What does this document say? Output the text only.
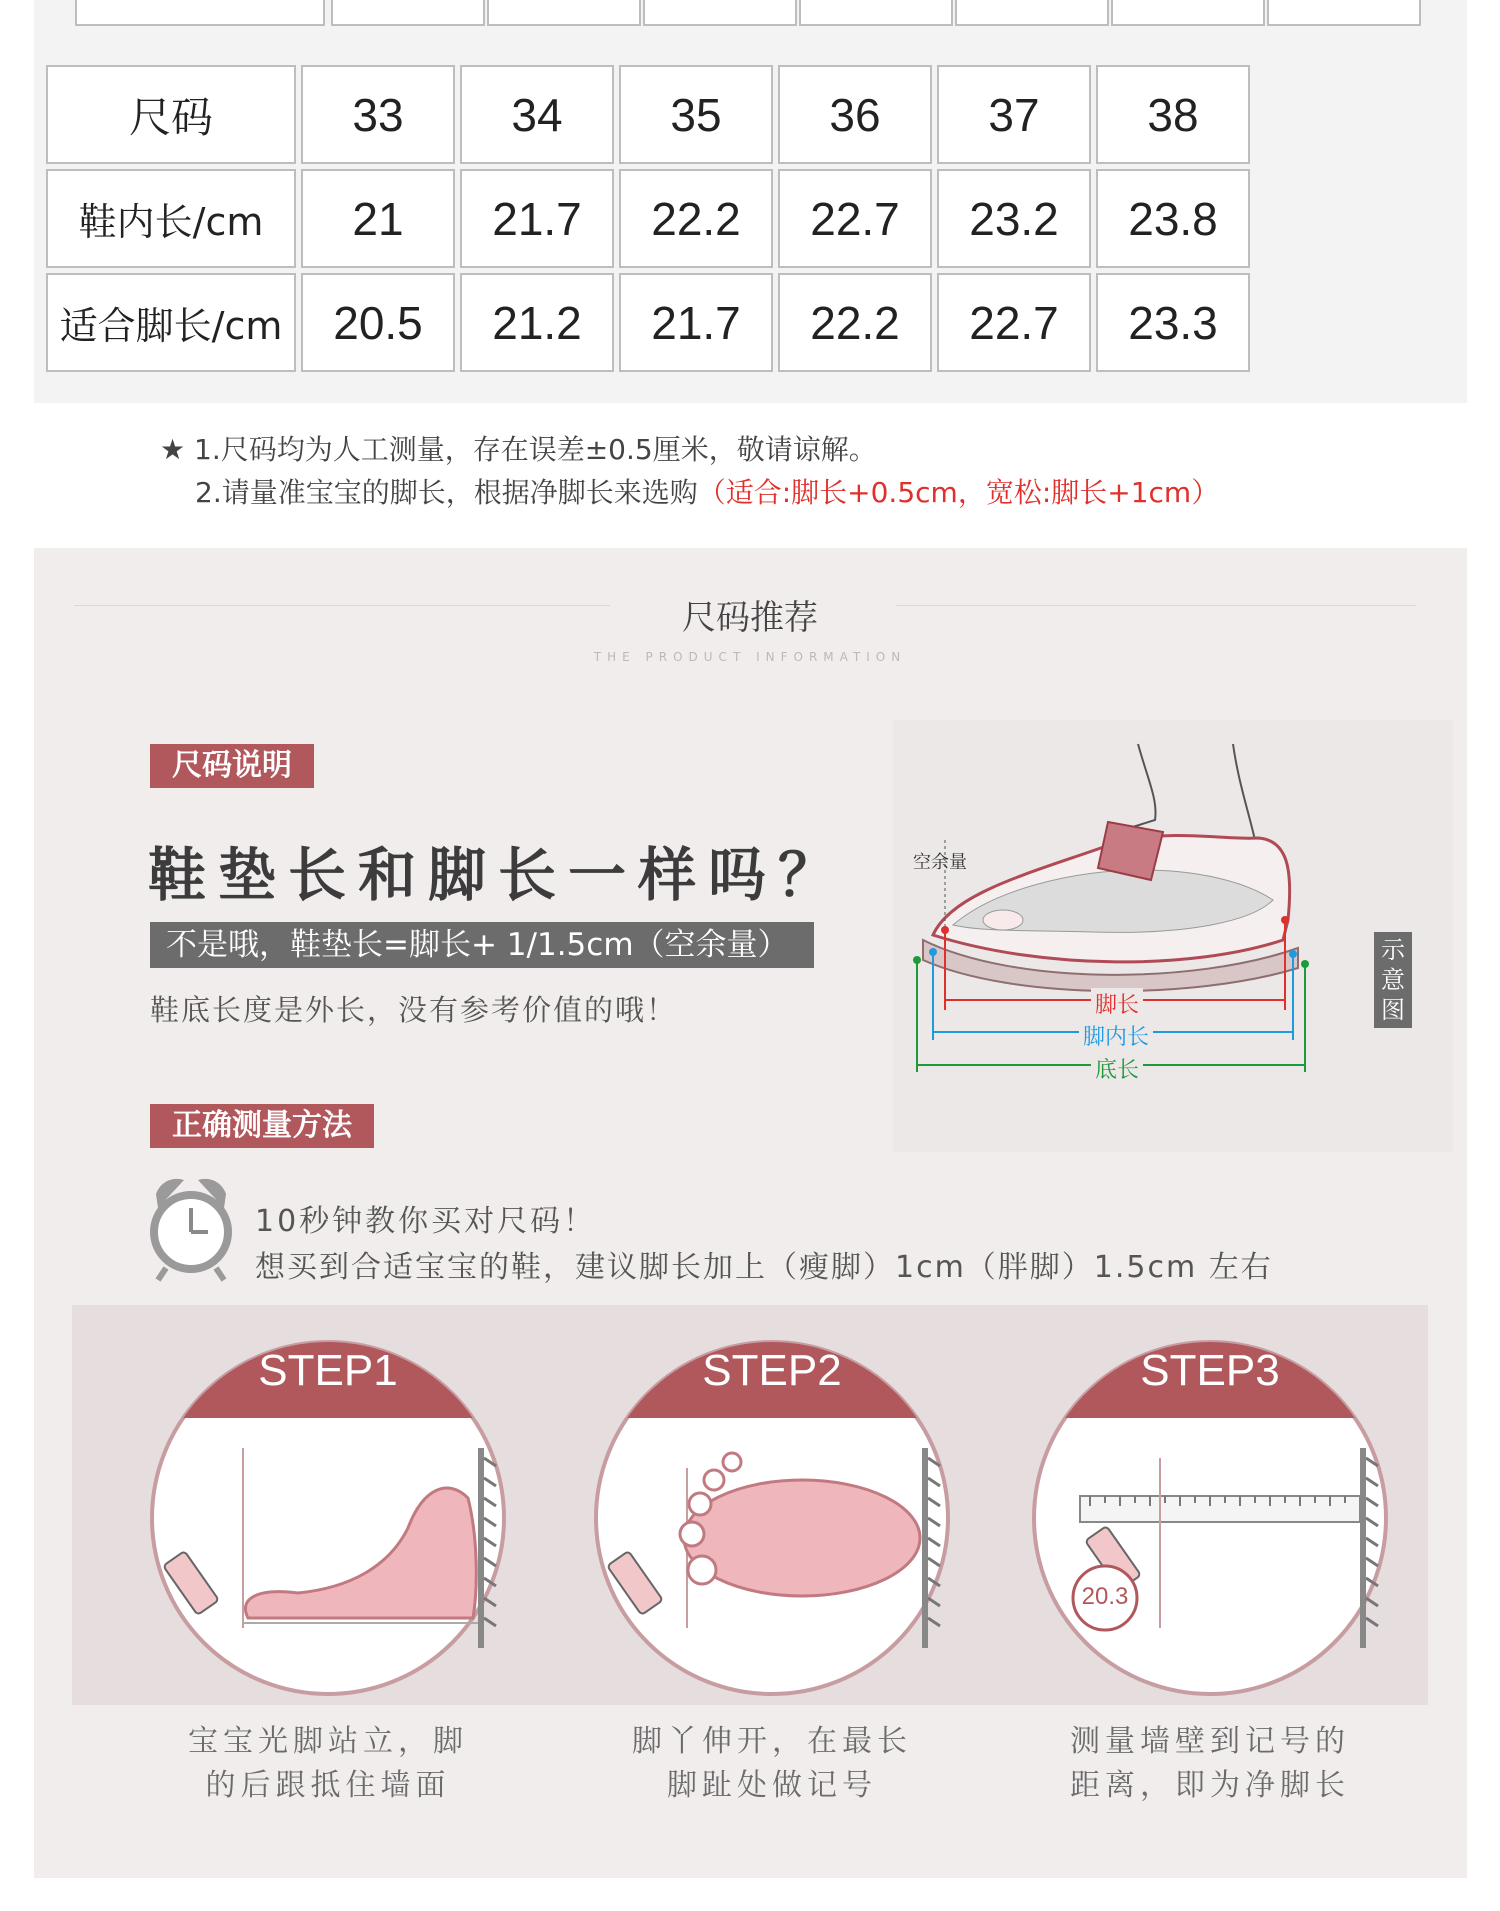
尺码	33	34	35	36	37	38
鞋内长/cm	21	21.7	22.2	22.7	23.2	23.8
适合脚长/cm	20.5	21.2	21.7	22.2	22.7	23.3
★ 1.尺码均为人工测量，存在误差±0.5厘米，敬请谅解。
2.请量准宝宝的脚长，根据净脚长来选购（适合:脚长+0.5cm，宽松:脚长+1cm）
尺码推荐
THE PRODUCT INFORMATION
尺码说明
鞋垫长和脚长一样吗？
不是哦，鞋垫长=脚长+ 1/1.5cm（空余量）
鞋底长度是外长，没有参考价值的哦！
空余量
脚长
脚内长
底长
示
意
图
正确测量方法
10秒钟教你买对尺码！
想买到合适宝宝的鞋，建议脚长加上（瘦脚）1cm（胖脚）1.5cm 左右
STEP1	STEP2	STEP3
20.3
宝宝光脚站立，脚
的后跟抵住墙面
脚丫伸开，在最长
脚趾处做记号
测量墙壁到记号的
距离，即为净脚长
